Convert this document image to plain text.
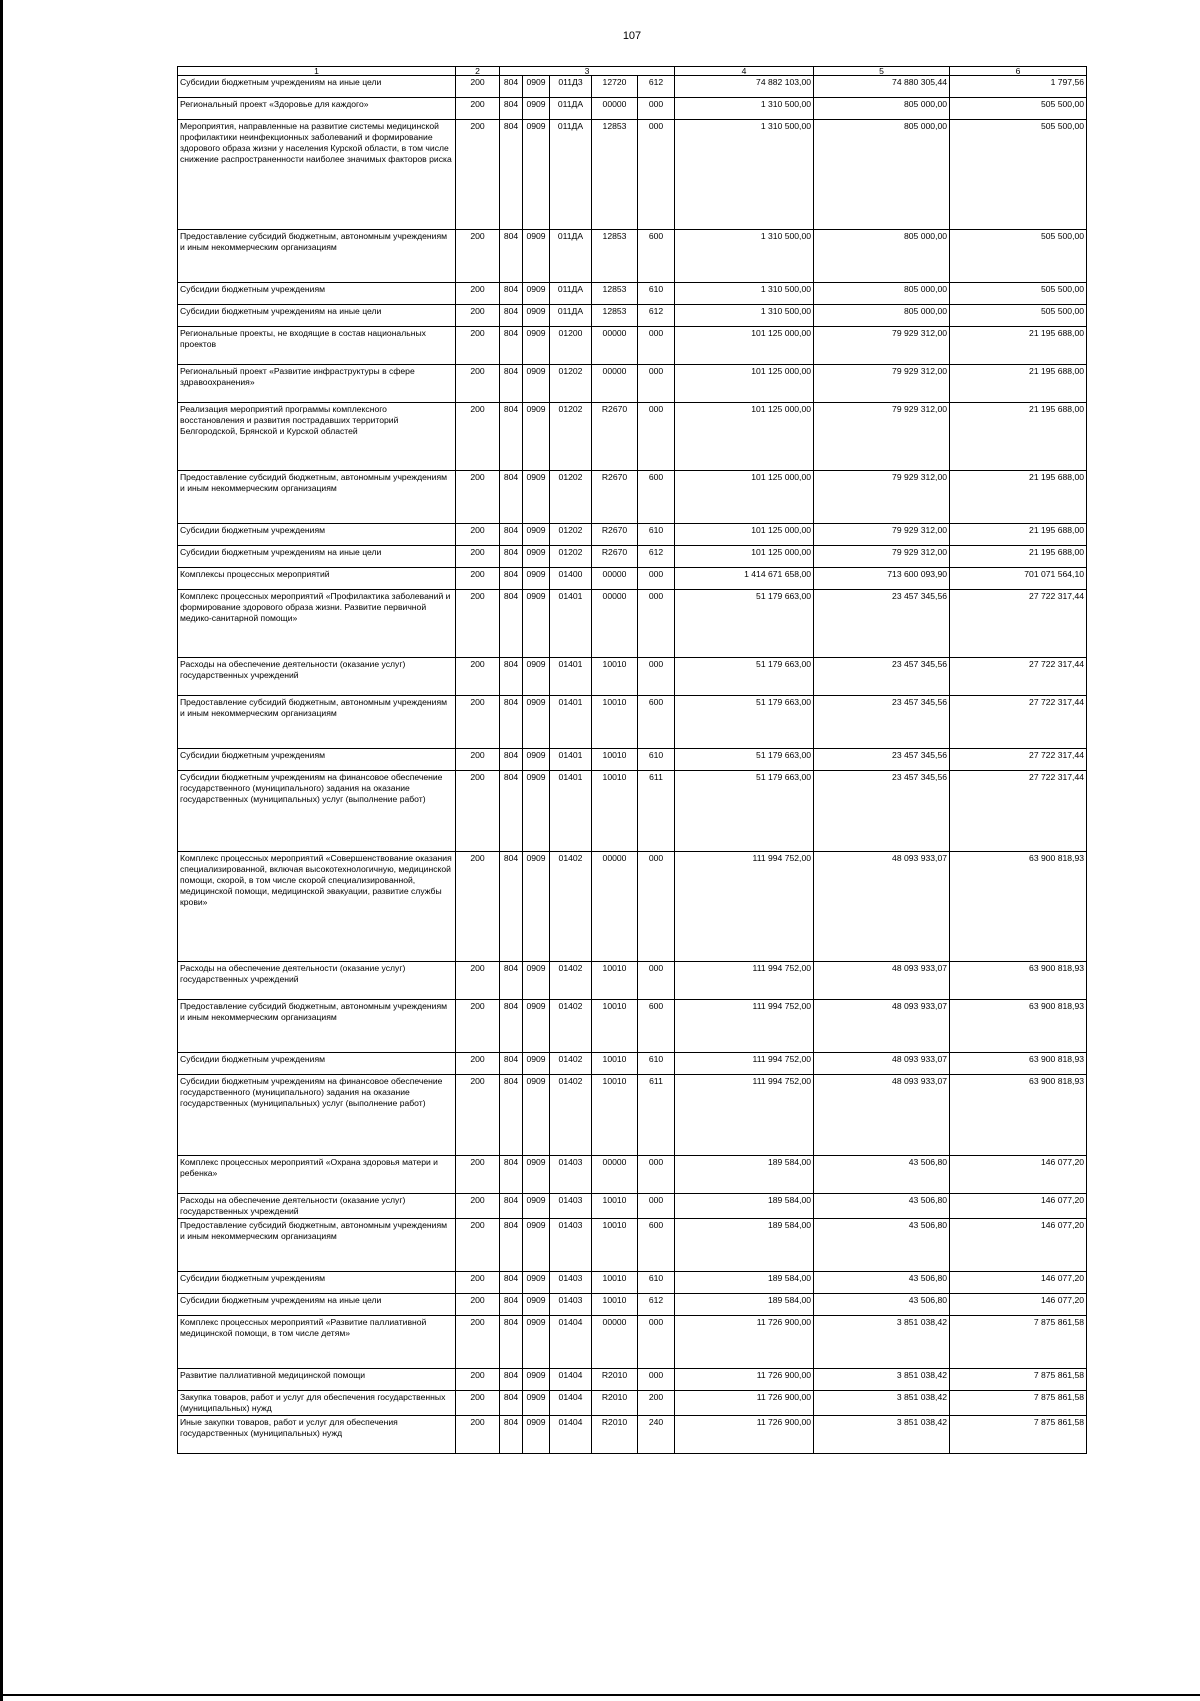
107
1	2	3					4	5	6
Субсидии бюджетным учреждениям на иные цели	200	804	0909	011Д3	12720	612	74 882 103,00	74 880 305,44	1 797,56
Региональный проект «Здоровье для каждого»	200	804	0909	011ДА	00000	000	1 310 500,00	805 000,00	505 500,00
Мероприятия, направленные на развитие системы медицинской профилактики неинфекционных заболеваний и формирование здорового образа жизни у населения Курской области, в том числе снижение распространенности наиболее значимых факторов риска	200	804	0909	011ДА	12853	000	1 310 500,00	805 000,00	505 500,00
Предоставление субсидий бюджетным, автономным учреждениям и иным некоммерческим организациям	200	804	0909	011ДА	12853	600	1 310 500,00	805 000,00	505 500,00
Субсидии бюджетным учреждениям	200	804	0909	011ДА	12853	610	1 310 500,00	805 000,00	505 500,00
Субсидии бюджетным учреждениям на иные цели	200	804	0909	011ДА	12853	612	1 310 500,00	805 000,00	505 500,00
Региональные проекты, не входящие в состав национальных проектов	200	804	0909	01200	00000	000	101 125 000,00	79 929 312,00	21 195 688,00
Региональный проект «Развитие инфраструктуры в сфере здравоохранения»	200	804	0909	01202	00000	000	101 125 000,00	79 929 312,00	21 195 688,00
Реализация мероприятий программы комплексного восстановления и развития пострадавших территорий Белгородской, Брянской и Курской областей	200	804	0909	01202	R2670	000	101 125 000,00	79 929 312,00	21 195 688,00
Предоставление субсидий бюджетным, автономным учреждениям и иным некоммерческим организациям	200	804	0909	01202	R2670	600	101 125 000,00	79 929 312,00	21 195 688,00
Субсидии бюджетным учреждениям	200	804	0909	01202	R2670	610	101 125 000,00	79 929 312,00	21 195 688,00
Субсидии бюджетным учреждениям на иные цели	200	804	0909	01202	R2670	612	101 125 000,00	79 929 312,00	21 195 688,00
Комплексы процессных мероприятий	200	804	0909	01400	00000	000	1 414 671 658,00	713 600 093,90	701 071 564,10
Комплекс процессных мероприятий «Профилактика заболеваний и формирование здорового образа жизни. Развитие первичной медико-санитарной помощи»	200	804	0909	01401	00000	000	51 179 663,00	23 457 345,56	27 722 317,44
Расходы на обеспечение деятельности (оказание услуг) государственных учреждений	200	804	0909	01401	10010	000	51 179 663,00	23 457 345,56	27 722 317,44
Предоставление субсидий бюджетным, автономным учреждениям и иным некоммерческим организациям	200	804	0909	01401	10010	600	51 179 663,00	23 457 345,56	27 722 317,44
Субсидии бюджетным учреждениям	200	804	0909	01401	10010	610	51 179 663,00	23 457 345,56	27 722 317,44
Субсидии бюджетным учреждениям на финансовое обеспечение государственного (муниципального) задания на оказание государственных (муниципальных) услуг (выполнение работ)	200	804	0909	01401	10010	611	51 179 663,00	23 457 345,56	27 722 317,44
Комплекс процессных мероприятий «Совершенствование оказания специализированной, включая высокотехнологичную, медицинской помощи, скорой, в том числе скорой специализированной, медицинской помощи, медицинской эвакуации, развитие службы крови»	200	804	0909	01402	00000	000	111 994 752,00	48 093 933,07	63 900 818,93
Расходы на обеспечение деятельности (оказание услуг) государственных учреждений	200	804	0909	01402	10010	000	111 994 752,00	48 093 933,07	63 900 818,93
Предоставление субсидий бюджетным, автономным учреждениям и иным некоммерческим организациям	200	804	0909	01402	10010	600	111 994 752,00	48 093 933,07	63 900 818,93
Субсидии бюджетным учреждениям	200	804	0909	01402	10010	610	111 994 752,00	48 093 933,07	63 900 818,93
Субсидии бюджетным учреждениям на финансовое обеспечение государственного (муниципального) задания на оказание государственных (муниципальных) услуг (выполнение работ)	200	804	0909	01402	10010	611	111 994 752,00	48 093 933,07	63 900 818,93
Комплекс процессных мероприятий «Охрана здоровья матери и ребенка»	200	804	0909	01403	00000	000	189 584,00	43 506,80	146 077,20
Расходы на обеспечение деятельности (оказание услуг) государственных учреждений	200	804	0909	01403	10010	000	189 584,00	43 506,80	146 077,20
Предоставление субсидий бюджетным, автономным учреждениям и иным некоммерческим организациям	200	804	0909	01403	10010	600	189 584,00	43 506,80	146 077,20
Субсидии бюджетным учреждениям	200	804	0909	01403	10010	610	189 584,00	43 506,80	146 077,20
Субсидии бюджетным учреждениям на иные цели	200	804	0909	01403	10010	612	189 584,00	43 506,80	146 077,20
Комплекс процессных мероприятий «Развитие паллиативной медицинской помощи, в том числе детям»	200	804	0909	01404	00000	000	11 726 900,00	3 851 038,42	7 875 861,58
Развитие паллиативной медицинской помощи	200	804	0909	01404	R2010	000	11 726 900,00	3 851 038,42	7 875 861,58
Закупка товаров, работ и услуг для обеспечения государственных (муниципальных) нужд	200	804	0909	01404	R2010	200	11 726 900,00	3 851 038,42	7 875 861,58
Иные закупки товаров, работ и услуг для обеспечения государственных (муниципальных) нужд	200	804	0909	01404	R2010	240	11 726 900,00	3 851 038,42	7 875 861,58
